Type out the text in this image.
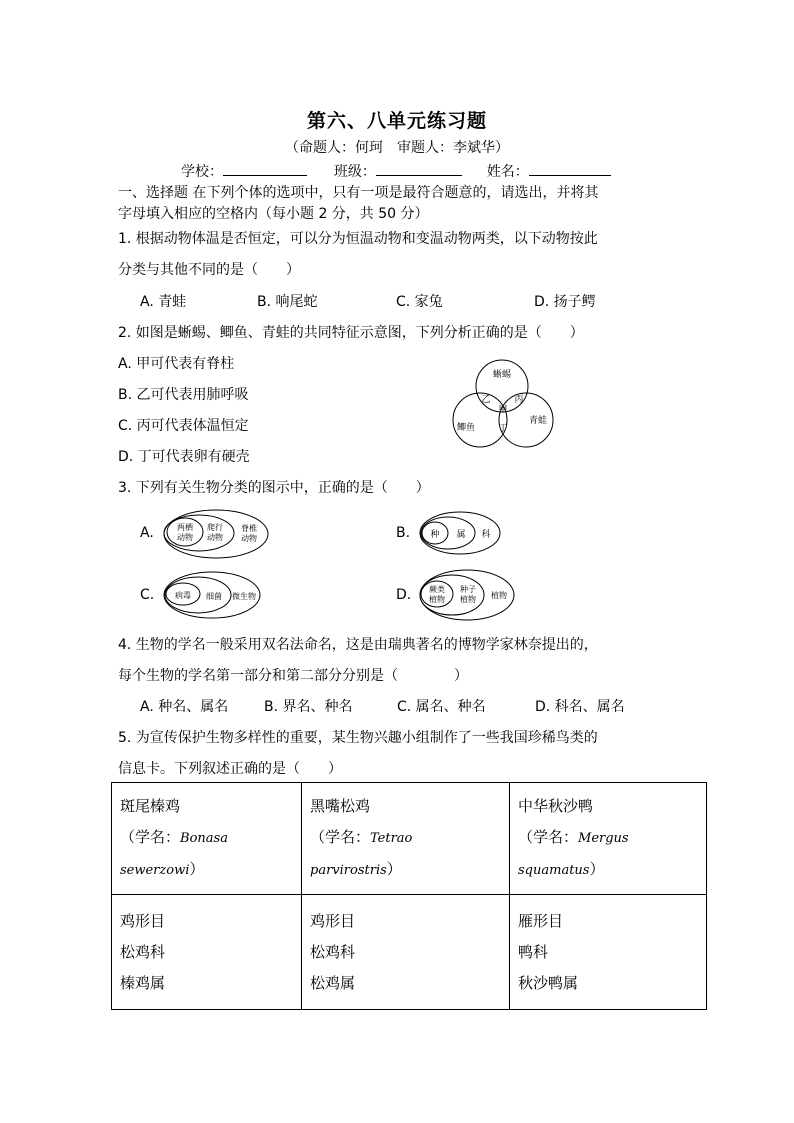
第六、八单元练习题
（命题人：何珂　审题人：李斌华）
学校：	班级：	姓名：
一、选择题 在下列个体的选项中，只有一项是最符合题意的，请选出，并将其
字母填入相应的空格内（每小题 2 分，共 50 分）
1. 根据动物体温是否恒定，可以分为恒温动物和变温动物两类，以下动物按此
分类与其他不同的是（　　）
A. 青蛙	B. 响尾蛇	C. 家兔	D. 扬子鳄
2. 如图是蜥蜴、鲫鱼、青蛙的共同特征示意图，下列分析正确的是（　　）
A. 甲可代表有脊柱
B. 乙可代表用肺呼吸
C. 丙可代表体温恒定
D. 丁可代表卵有硬壳
蜥蜴
鲫鱼
青蛙
乙	丙
甲
丁
3. 下列有关生物分类的图示中，正确的是（　　）
A.	两栖
动物
爬行
动物
脊椎
动物	B. 种 属 科
C.	病毒 细菌 微生物	D. 蕨类
植物
种子
植物 植物
4. 生物的学名一般采用双名法命名，这是由瑞典著名的博物学家林奈提出的，
每个生物的学名第一部分和第二部分分别是（　　　　）
A. 种名、属名	B. 界名、种名	C. 属名、种名	D. 科名、属名
5. 为宣传保护生物多样性的重要，某生物兴趣小组制作了一些我国珍稀鸟类的
信息卡。下列叙述正确的是（　　）
斑尾榛鸡
（学名：Bonasa
sewerzowi）	黑嘴松鸡
（学名：Tetrao
parvirostris）	中华秋沙鸭
（学名：Mergus squamatus）

鸡形目
松鸡科
榛鸡属	鸡形目
松鸡科
松鸡属	雁形目
鸭科
秋沙鸭属
